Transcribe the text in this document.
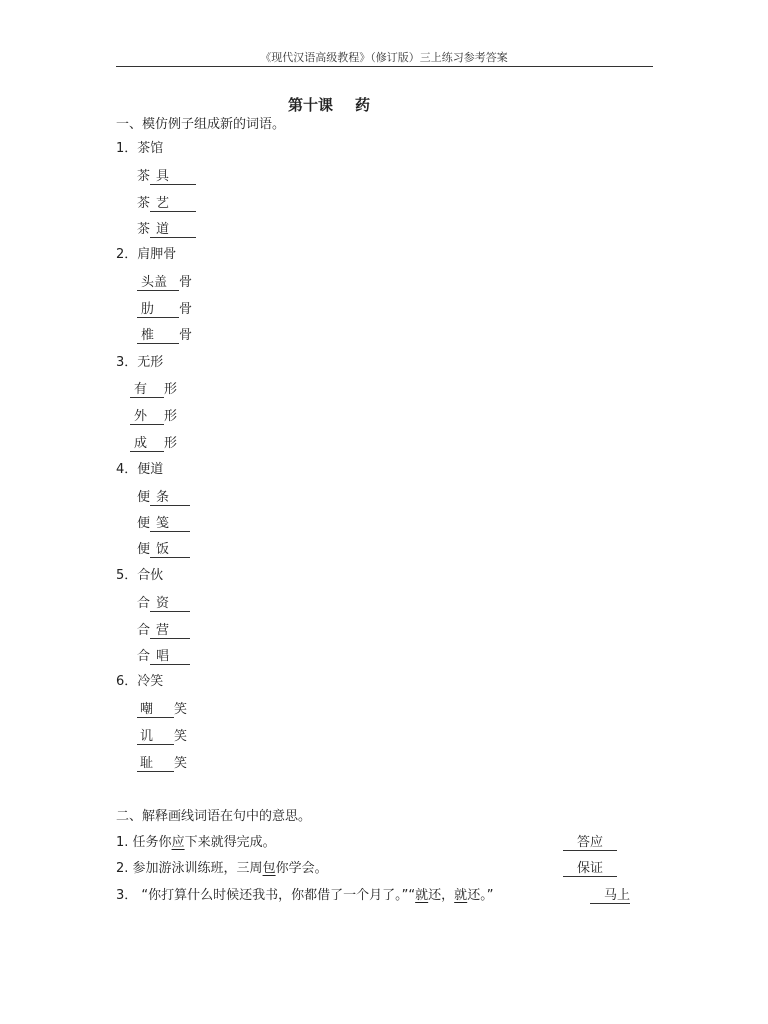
《现代汉语高级教程》（修订版）三上练习参考答案
第十课 药
一、模仿例子组成新的词语。
1．茶馆
茶 具
茶 艺
茶 道
2．肩胛骨
头盖 骨
肋 骨
椎 骨
3．无形
有 形
外 形
成 形
4．便道
便 条
便 笺
便 饭
5．合伙
合 资
合 营
合 唱
6．冷笑
嘲 笑
讥 笑
耻 笑
二、解释画线词语在句中的意思。
1. 任务你应下来就得完成。	答应
2. 参加游泳训练班，三周包你学会。	保证
3． “你打算什么时候还我书，你都借了一个月了。”“就还，就还。”	马上
